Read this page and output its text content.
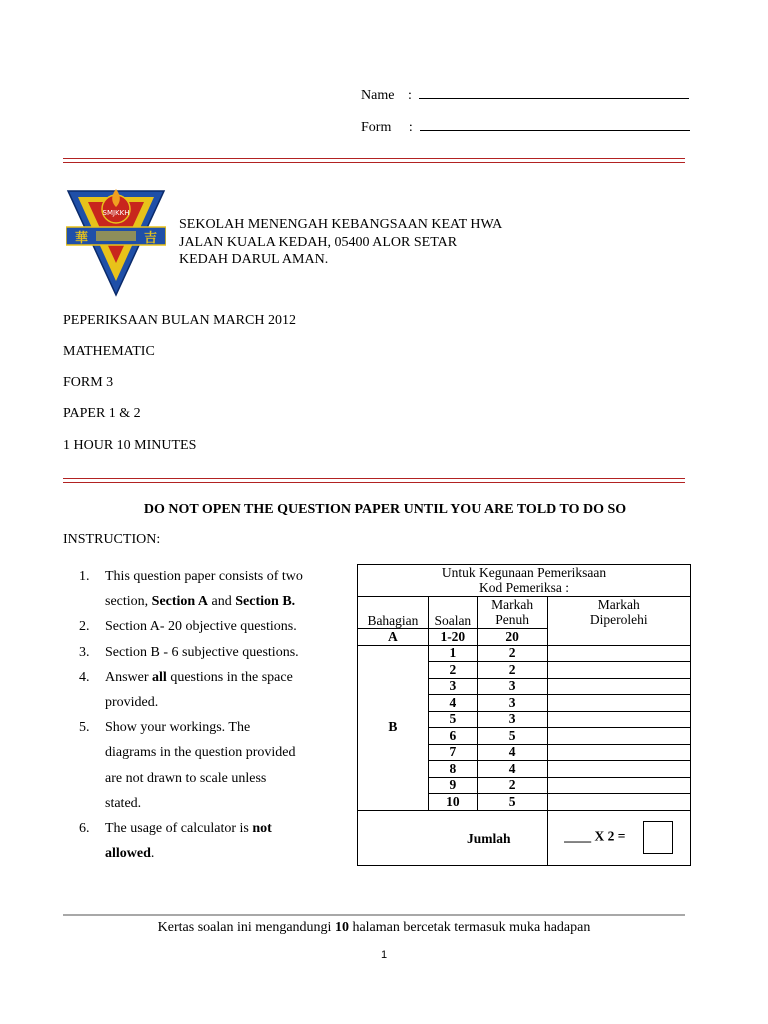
Name :
Form :
SMJKKH
華	吉
SEKOLAH MENENGAH KEBANGSAAN KEAT HWA
JALAN KUALA KEDAH, 05400 ALOR SETAR
KEDAH DARUL AMAN.
PEPERIKSAAN BULAN MARCH 2012
MATHEMATIC
FORM 3
PAPER 1 & 2
1 HOUR 10 MINUTES
DO NOT OPEN THE QUESTION PAPER UNTIL YOU ARE TOLD TO DO SO
INSTRUCTION:
1. This question paper consists of two
section, Section A and Section B.
2. Section A- 20 objective questions.
3. Section B - 6 subjective questions.
4. Answer all questions in the space
provided.
5. Show your workings. The
diagrams in the question provided
are not drawn to scale unless
stated.
6. The usage of calculator is not
allowed.
Untuk Kegunaan Pemeriksaan			
Kod Pemeriksa :			
Bahagian	Soalan	Markah	Markah
		Penuh	Diperolehi
A	1-20	20	
B	1	2	
	2	2	
	3	3	
	4	3	
	5	3	
	6	5	
	7	4	
	8	4	
	9	2	
	10	5	
Jumlah			____ X 2 =
Kertas soalan ini mengandungi 10 halaman bercetak termasuk muka hadapan
1
